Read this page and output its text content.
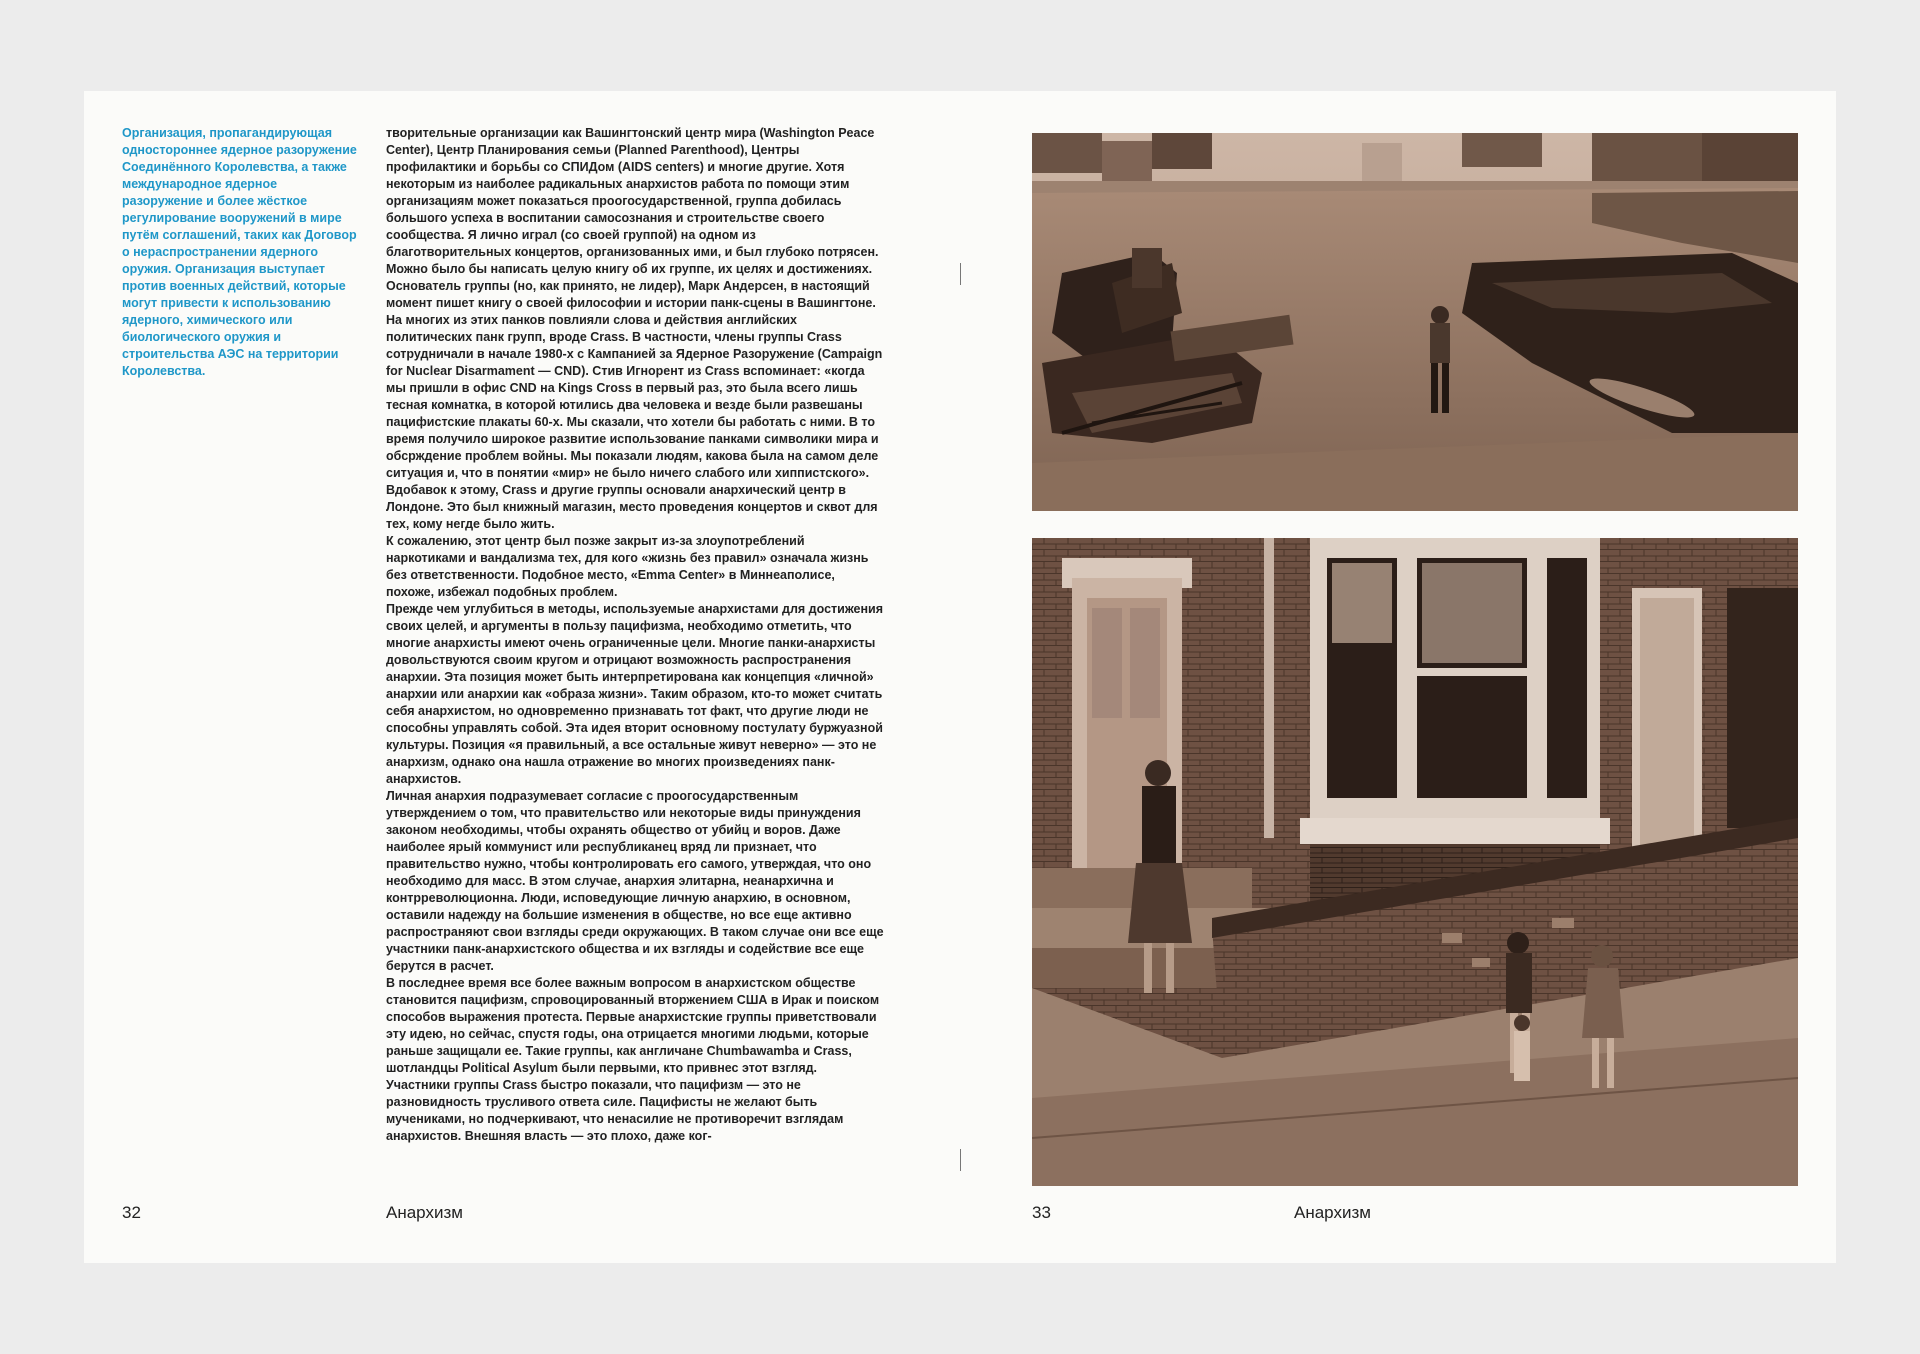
Организация, пропагандирующая одностороннее ядерное разоружение Соединённого Королевства, а также международное ядерное разоружение и более жёсткое регулирование вооружений в мире путём соглашений, таких как Договор о нераспространении ядерного оружия. Организация выступает против военных действий, которые могут привести к использованию ядерного, химического или биологического оружия и строительства АЭС на территории Королевства.

творительные организации как Вашингтонский центр мира (Washington Peace Center), Центр Планирования семьи (Planned Parenthood), Центры профилактики и борьбы со СПИДом (AIDS centers) и многие другие. Хотя некоторым из наиболее радикальных анархистов работа по помощи этим организациям может показаться проогосударственной, группа добилась большого успеха в воспитании самосознания и строительстве своего сообщества. Я лично играл (со своей группой) на одном из благотворительных концертов, организованных ими, и был глубоко потрясен. Можно было бы написать целую книгу об их группе, их целях и достижениях. Основатель группы (но, как принято, не лидер), Марк Андерсен, в настоящий момент пишет книгу о своей философии и истории панк-сцены в Вашингтоне.

На многих из этих панков повлияли слова и действия английских политических панк групп, вроде Crass. В частности, члены группы Crass сотрудничали в начале 1980-х с Кампанией за Ядерное Разоружение (Campaign for Nuclear Disarmament — CND). Стив Игнорент из Crass вспоминает: «когда мы пришли в офис CND на Kings Cross в первый раз, это была всего лишь тесная комнатка, в которой ютились два человека и везде были развешаны пацифистские плакаты 60-х. Мы сказали, что хотели бы работать с ними. В то время получило широкое развитие использование панками символики мира и обсрждение проблем войны. Мы показали людям, какова была на самом деле ситуация и, что в понятии «мир» не было ничего слабого или хиппистского». Вдобавок к этому, Crass и другие группы основали анархический центр в Лондоне. Это был книжный магазин, место проведения концертов и сквот для тех, кому негде было жить.

К сожалению, этот центр был позже закрыт из-за злоупотреблений наркотиками и вандализма тех, для кого «жизнь без правил» означала жизнь без ответственности. Подобное место, «Emma Center» в Миннеаполисе, похоже, избежал подобных проблем.

Прежде чем углубиться в методы, используемые анархистами для достижения своих целей, и аргументы в пользу пацифизма, необходимо отметить, что многие анархисты имеют очень ограниченные цели. Многие панки-анархисты довольствуются своим кругом и отрицают возможность распространения анархии. Эта позиция может быть интерпретирована как концепция «личной» анархии или анархии как «образа жизни». Таким образом, кто-то может считать себя анархистом, но одновременно признавать тот факт, что другие люди не способны управлять собой. Эта идея вторит основному постулату буржуазной культуры. Позиция «я правильный, а все остальные живут неверно» — это не анархизм, однако она нашла отражение во многих произведениях панк-анархистов.

Личная анархия подразумевает согласие с проогосударственным утверждением о том, что правительство или некоторые виды принуждения законом необходимы, чтобы охранять общество от убийц и воров. Даже наиболее ярый коммунист или республиканец вряд ли признает, что правительство нужно, чтобы контролировать его самого, утверждая, что оно необходимо для масс. В этом случае, анархия элитарна, неанархична и контрреволюционна. Люди, исповедующие личную анархию, в основном, оставили надежду на большие изменения в обществе, но все еще активно распространяют свои взгляды среди окружающих. В таком случае они все еще участники панк-анархистского общества и их взгляды и содействие все еще берутся в расчет.

В последнее время все более важным вопросом в анархистском обществе становится пацифизм, спровоцированный вторжением США в Ирак и поиском способов выражения протеста. Первые анархистские группы приветствовали эту идею, но сейчас, спустя годы, она отрицается многими людьми, которые раньше защищали ее. Такие группы, как англичане Chumbawamba и Crass, шотландцы Political Asylum были первыми, кто привнес этот взгляд. Участники группы Crass быстро показали, что пацифизм — это не разновидность трусливого ответа силе. Пацифисты не желают быть мучениками, но подчеркивают, что ненасилие не противоречит взглядам анархистов. Внешняя власть — это плохо, даже ког-

32	Анархизм	33	Анархизм
